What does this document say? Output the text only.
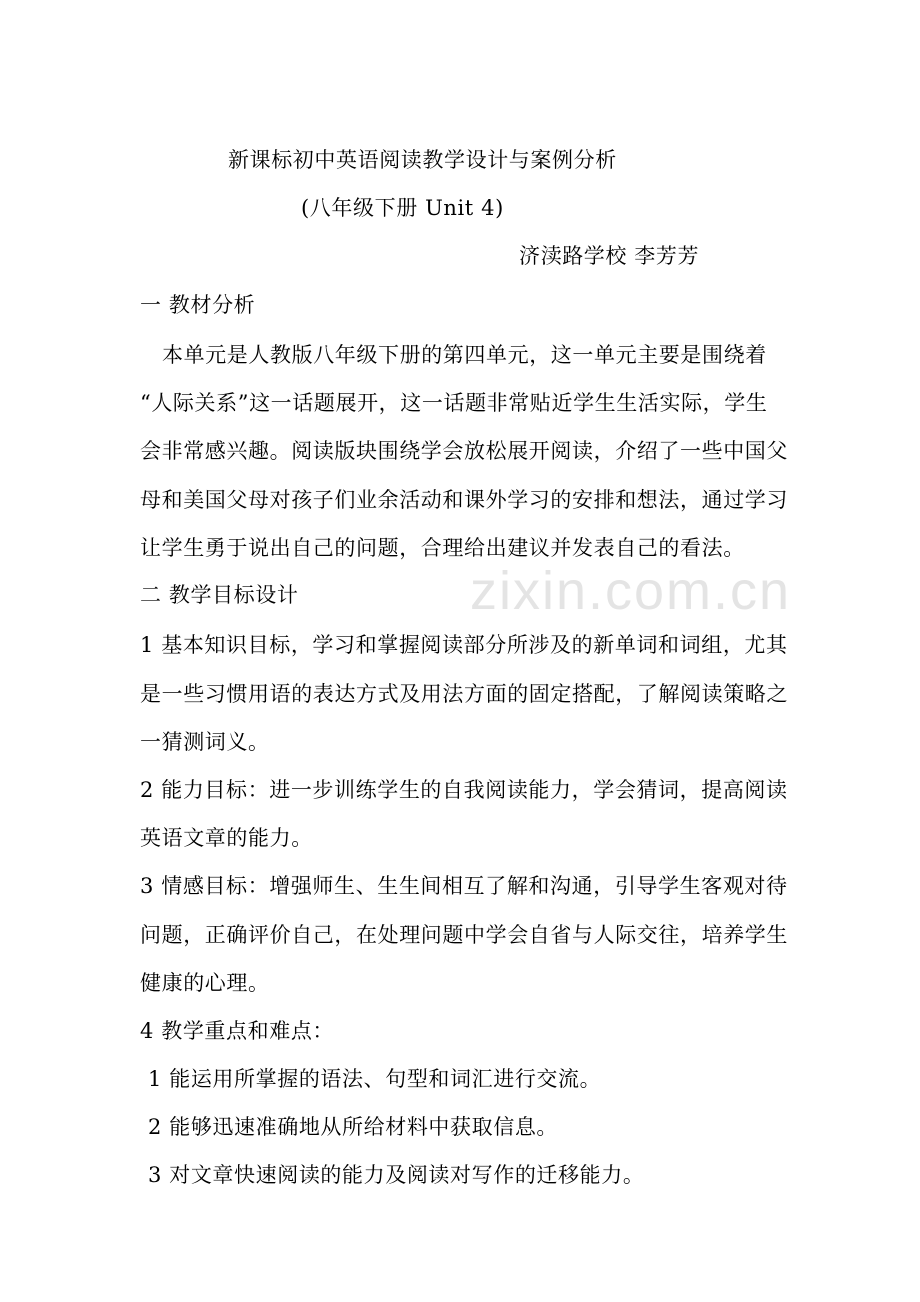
zixin.com.cn
新课标初中英语阅读教学设计与案例分析
(八年级下册 Unit 4)
济渎路学校 李芳芳
一 教材分析
本单元是人教版八年级下册的第四单元，这一单元主要是围绕着
“人际关系”这一话题展开，这一话题非常贴近学生生活实际，学生
会非常感兴趣。阅读版块围绕学会放松展开阅读，介绍了一些中国父
母和美国父母对孩子们业余活动和课外学习的安排和想法，通过学习
让学生勇于说出自己的问题，合理给出建议并发表自己的看法。
二 教学目标设计
1 基本知识目标，学习和掌握阅读部分所涉及的新单词和词组，尤其
是一些习惯用语的表达方式及用法方面的固定搭配，了解阅读策略之
一猜测词义。
2 能力目标：进一步训练学生的自我阅读能力，学会猜词，提高阅读
英语文章的能力。
3 情感目标：增强师生、生生间相互了解和沟通，引导学生客观对待
问题，正确评价自己，在处理问题中学会自省与人际交往，培养学生
健康的心理。
4 教学重点和难点：
1 能运用所掌握的语法、句型和词汇进行交流。
2 能够迅速准确地从所给材料中获取信息。
3 对文章快速阅读的能力及阅读对写作的迁移能力。
